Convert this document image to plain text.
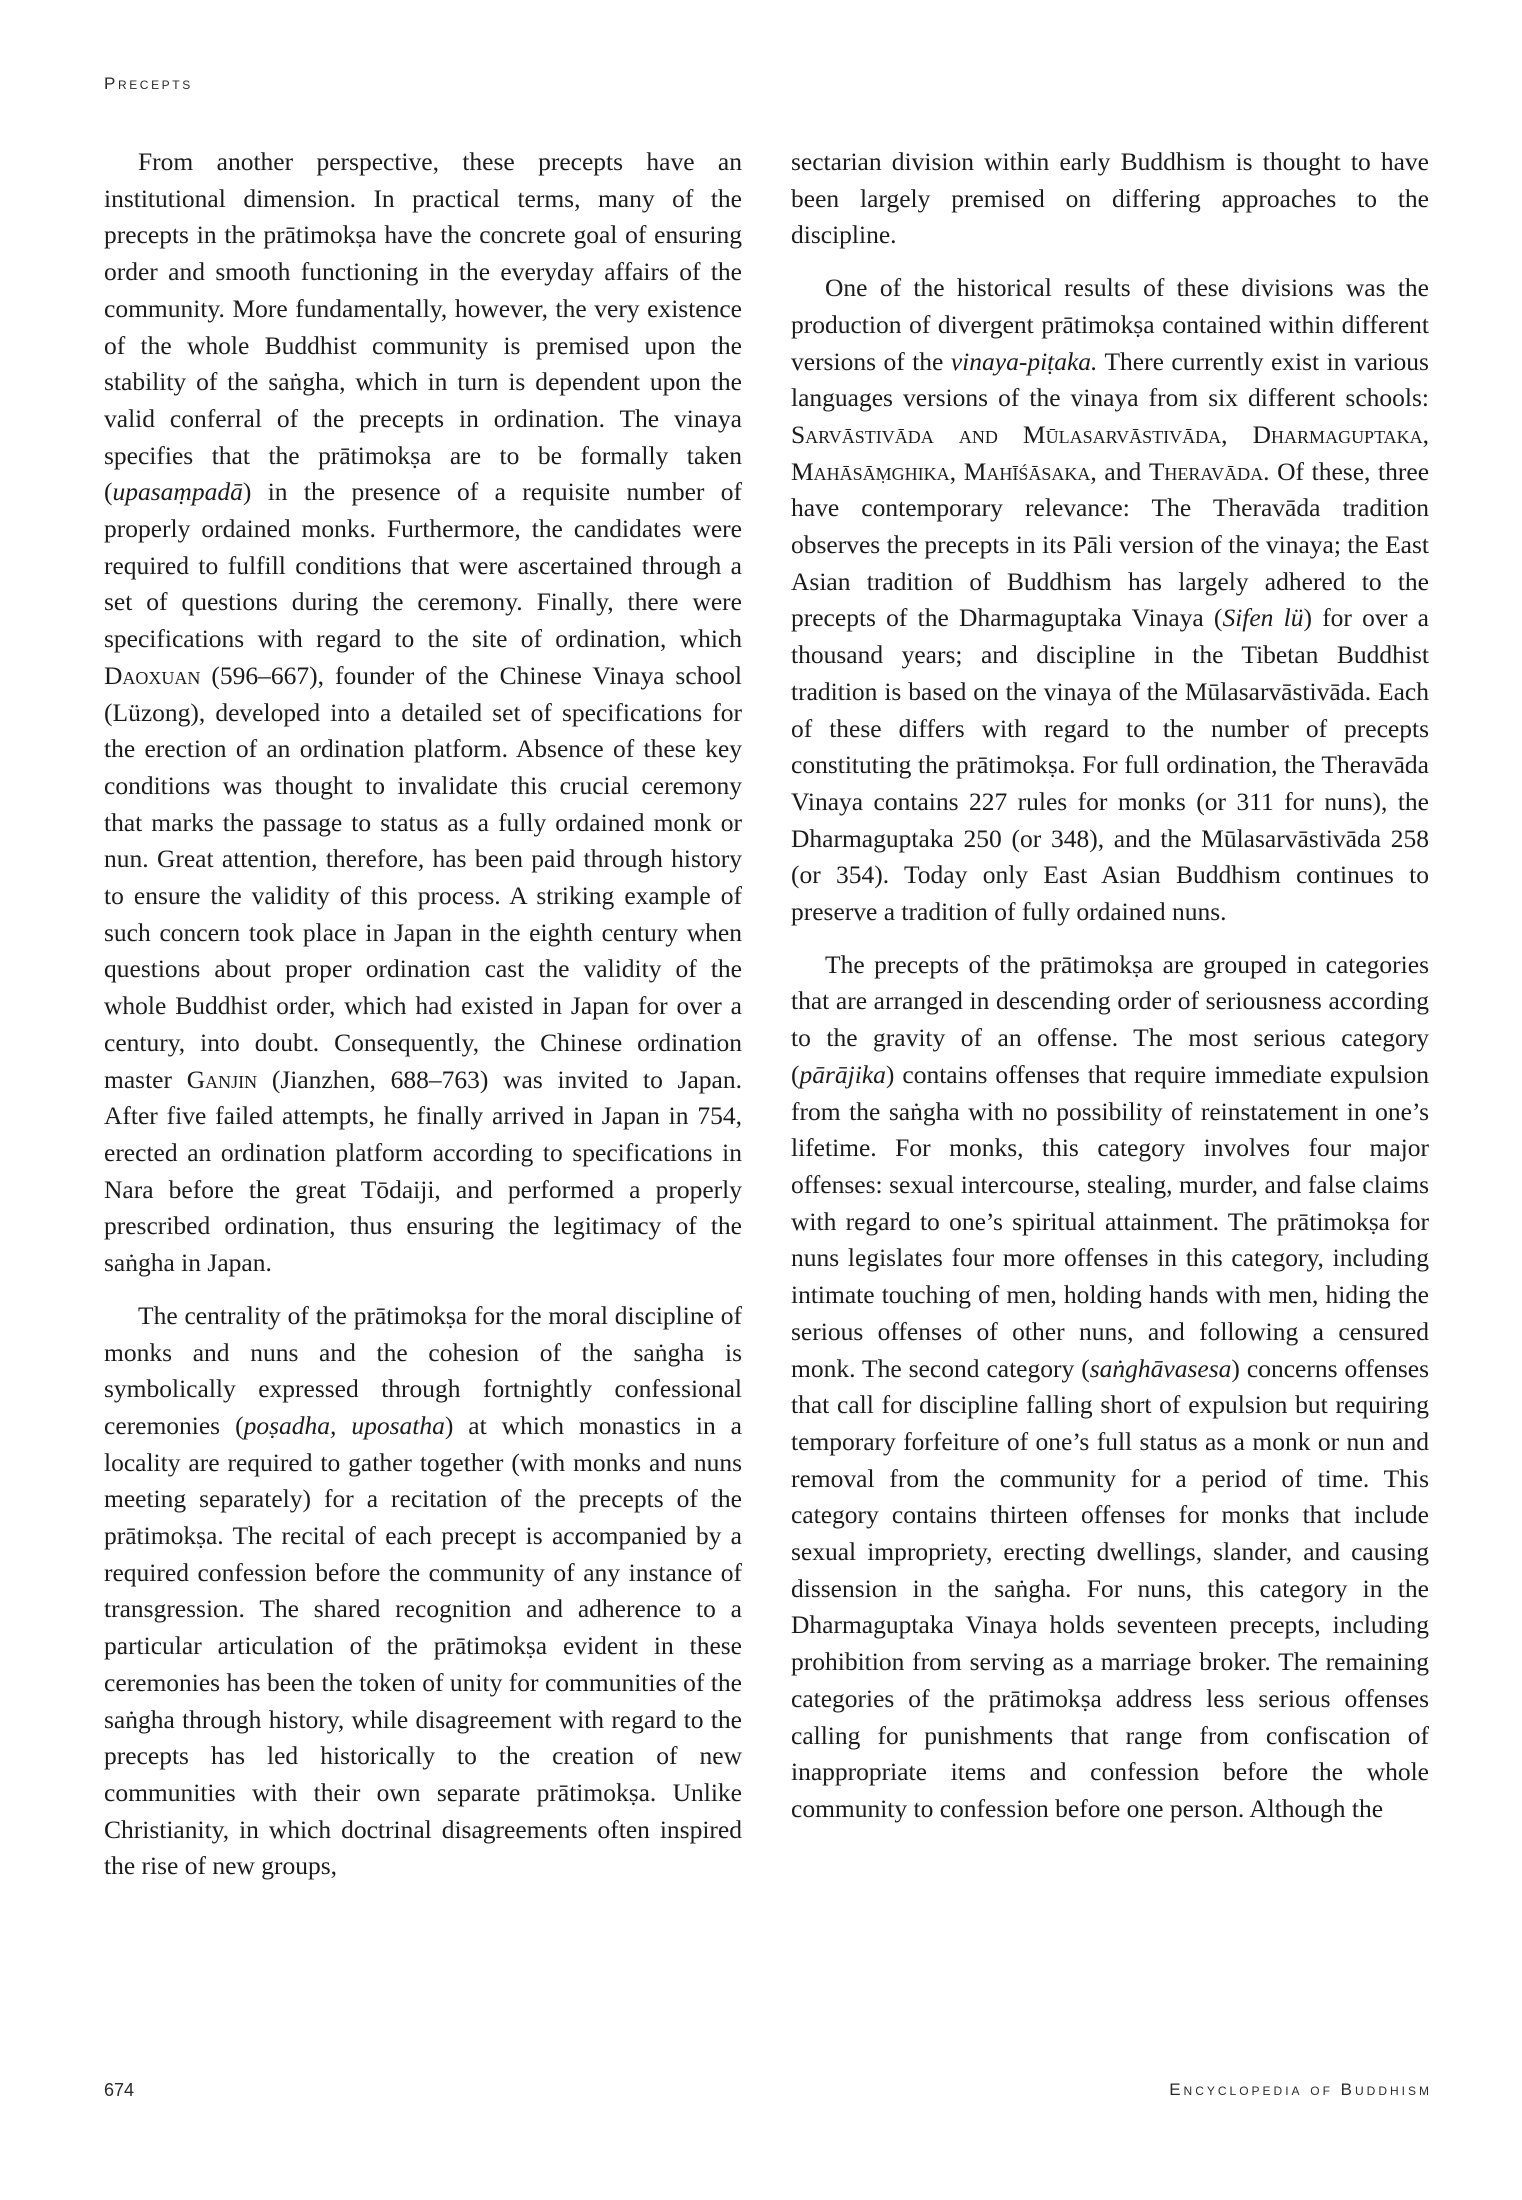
Precepts

From another perspective, these precepts have an institutional dimension. In practical terms, many of the precepts in the prātimokṣa have the concrete goal of ensuring order and smooth functioning in the everyday affairs of the community. More fundamentally, however, the very existence of the whole Buddhist community is premised upon the stability of the saṅgha, which in turn is dependent upon the valid conferral of the precepts in ordination. The vinaya specifies that the prātimokṣa are to be formally taken (upasaṃpadā) in the presence of a requisite number of properly ordained monks. Furthermore, the candidates were required to fulfill conditions that were ascertained through a set of questions during the ceremony. Finally, there were specifications with regard to the site of ordination, which Daoxuan (596–667), founder of the Chinese Vinaya school (Lüzong), developed into a detailed set of specifications for the erection of an ordination platform. Absence of these key conditions was thought to invalidate this crucial ceremony that marks the passage to status as a fully ordained monk or nun. Great attention, therefore, has been paid through history to ensure the validity of this process. A striking example of such concern took place in Japan in the eighth century when questions about proper ordination cast the validity of the whole Buddhist order, which had existed in Japan for over a century, into doubt. Consequently, the Chinese ordination master Ganjin (Jianzhen, 688–763) was invited to Japan. After five failed attempts, he finally arrived in Japan in 754, erected an ordination platform according to specifications in Nara before the great Tōdaiji, and performed a properly prescribed ordination, thus ensuring the legitimacy of the saṅgha in Japan.

The centrality of the prātimokṣa for the moral discipline of monks and nuns and the cohesion of the saṅgha is symbolically expressed through fortnightly confessional ceremonies (poṣadha, uposatha) at which monastics in a locality are required to gather together (with monks and nuns meeting separately) for a recitation of the precepts of the prātimokṣa. The recital of each precept is accompanied by a required confession before the community of any instance of transgression. The shared recognition and adherence to a particular articulation of the prātimokṣa evident in these ceremonies has been the token of unity for communities of the saṅgha through history, while disagreement with regard to the precepts has led historically to the creation of new communities with their own separate prātimokṣa. Unlike Christianity, in which doctrinal disagreements often inspired the rise of new groups,

sectarian division within early Buddhism is thought to have been largely premised on differing approaches to the discipline.

One of the historical results of these divisions was the production of divergent prātimokṣa contained within different versions of the vinaya-piṭaka. There currently exist in various languages versions of the vinaya from six different schools: Sarvāstivāda and Mūlasarvāstivāda, Dharmaguptaka, Mahāsāṃghika, Mahīśāsaka, and Theravāda. Of these, three have contemporary relevance: The Theravāda tradition observes the precepts in its Pāli version of the vinaya; the East Asian tradition of Buddhism has largely adhered to the precepts of the Dharmaguptaka Vinaya (Sifen lü) for over a thousand years; and discipline in the Tibetan Buddhist tradition is based on the vinaya of the Mūlasarvāstivāda. Each of these differs with regard to the number of precepts constituting the prātimokṣa. For full ordination, the Theravāda Vinaya contains 227 rules for monks (or 311 for nuns), the Dharmaguptaka 250 (or 348), and the Mūlasarvāstivāda 258 (or 354). Today only East Asian Buddhism continues to preserve a tradition of fully ordained nuns.

The precepts of the prātimokṣa are grouped in categories that are arranged in descending order of seriousness according to the gravity of an offense. The most serious category (pārājika) contains offenses that require immediate expulsion from the saṅgha with no possibility of reinstatement in one’s lifetime. For monks, this category involves four major offenses: sexual intercourse, stealing, murder, and false claims with regard to one’s spiritual attainment. The prātimokṣa for nuns legislates four more offenses in this category, including intimate touching of men, holding hands with men, hiding the serious offenses of other nuns, and following a censured monk. The second category (saṅghāvasesa) concerns offenses that call for discipline falling short of expulsion but requiring temporary forfeiture of one’s full status as a monk or nun and removal from the community for a period of time. This category contains thirteen offenses for monks that include sexual impropriety, erecting dwellings, slander, and causing dissension in the saṅgha. For nuns, this category in the Dharmaguptaka Vinaya holds seventeen precepts, including prohibition from serving as a marriage broker. The remaining categories of the prātimokṣa address less serious offenses calling for punishments that range from confiscation of inappropriate items and confession before the whole community to confession before one person. Although the

674	Encyclopedia of Buddhism
